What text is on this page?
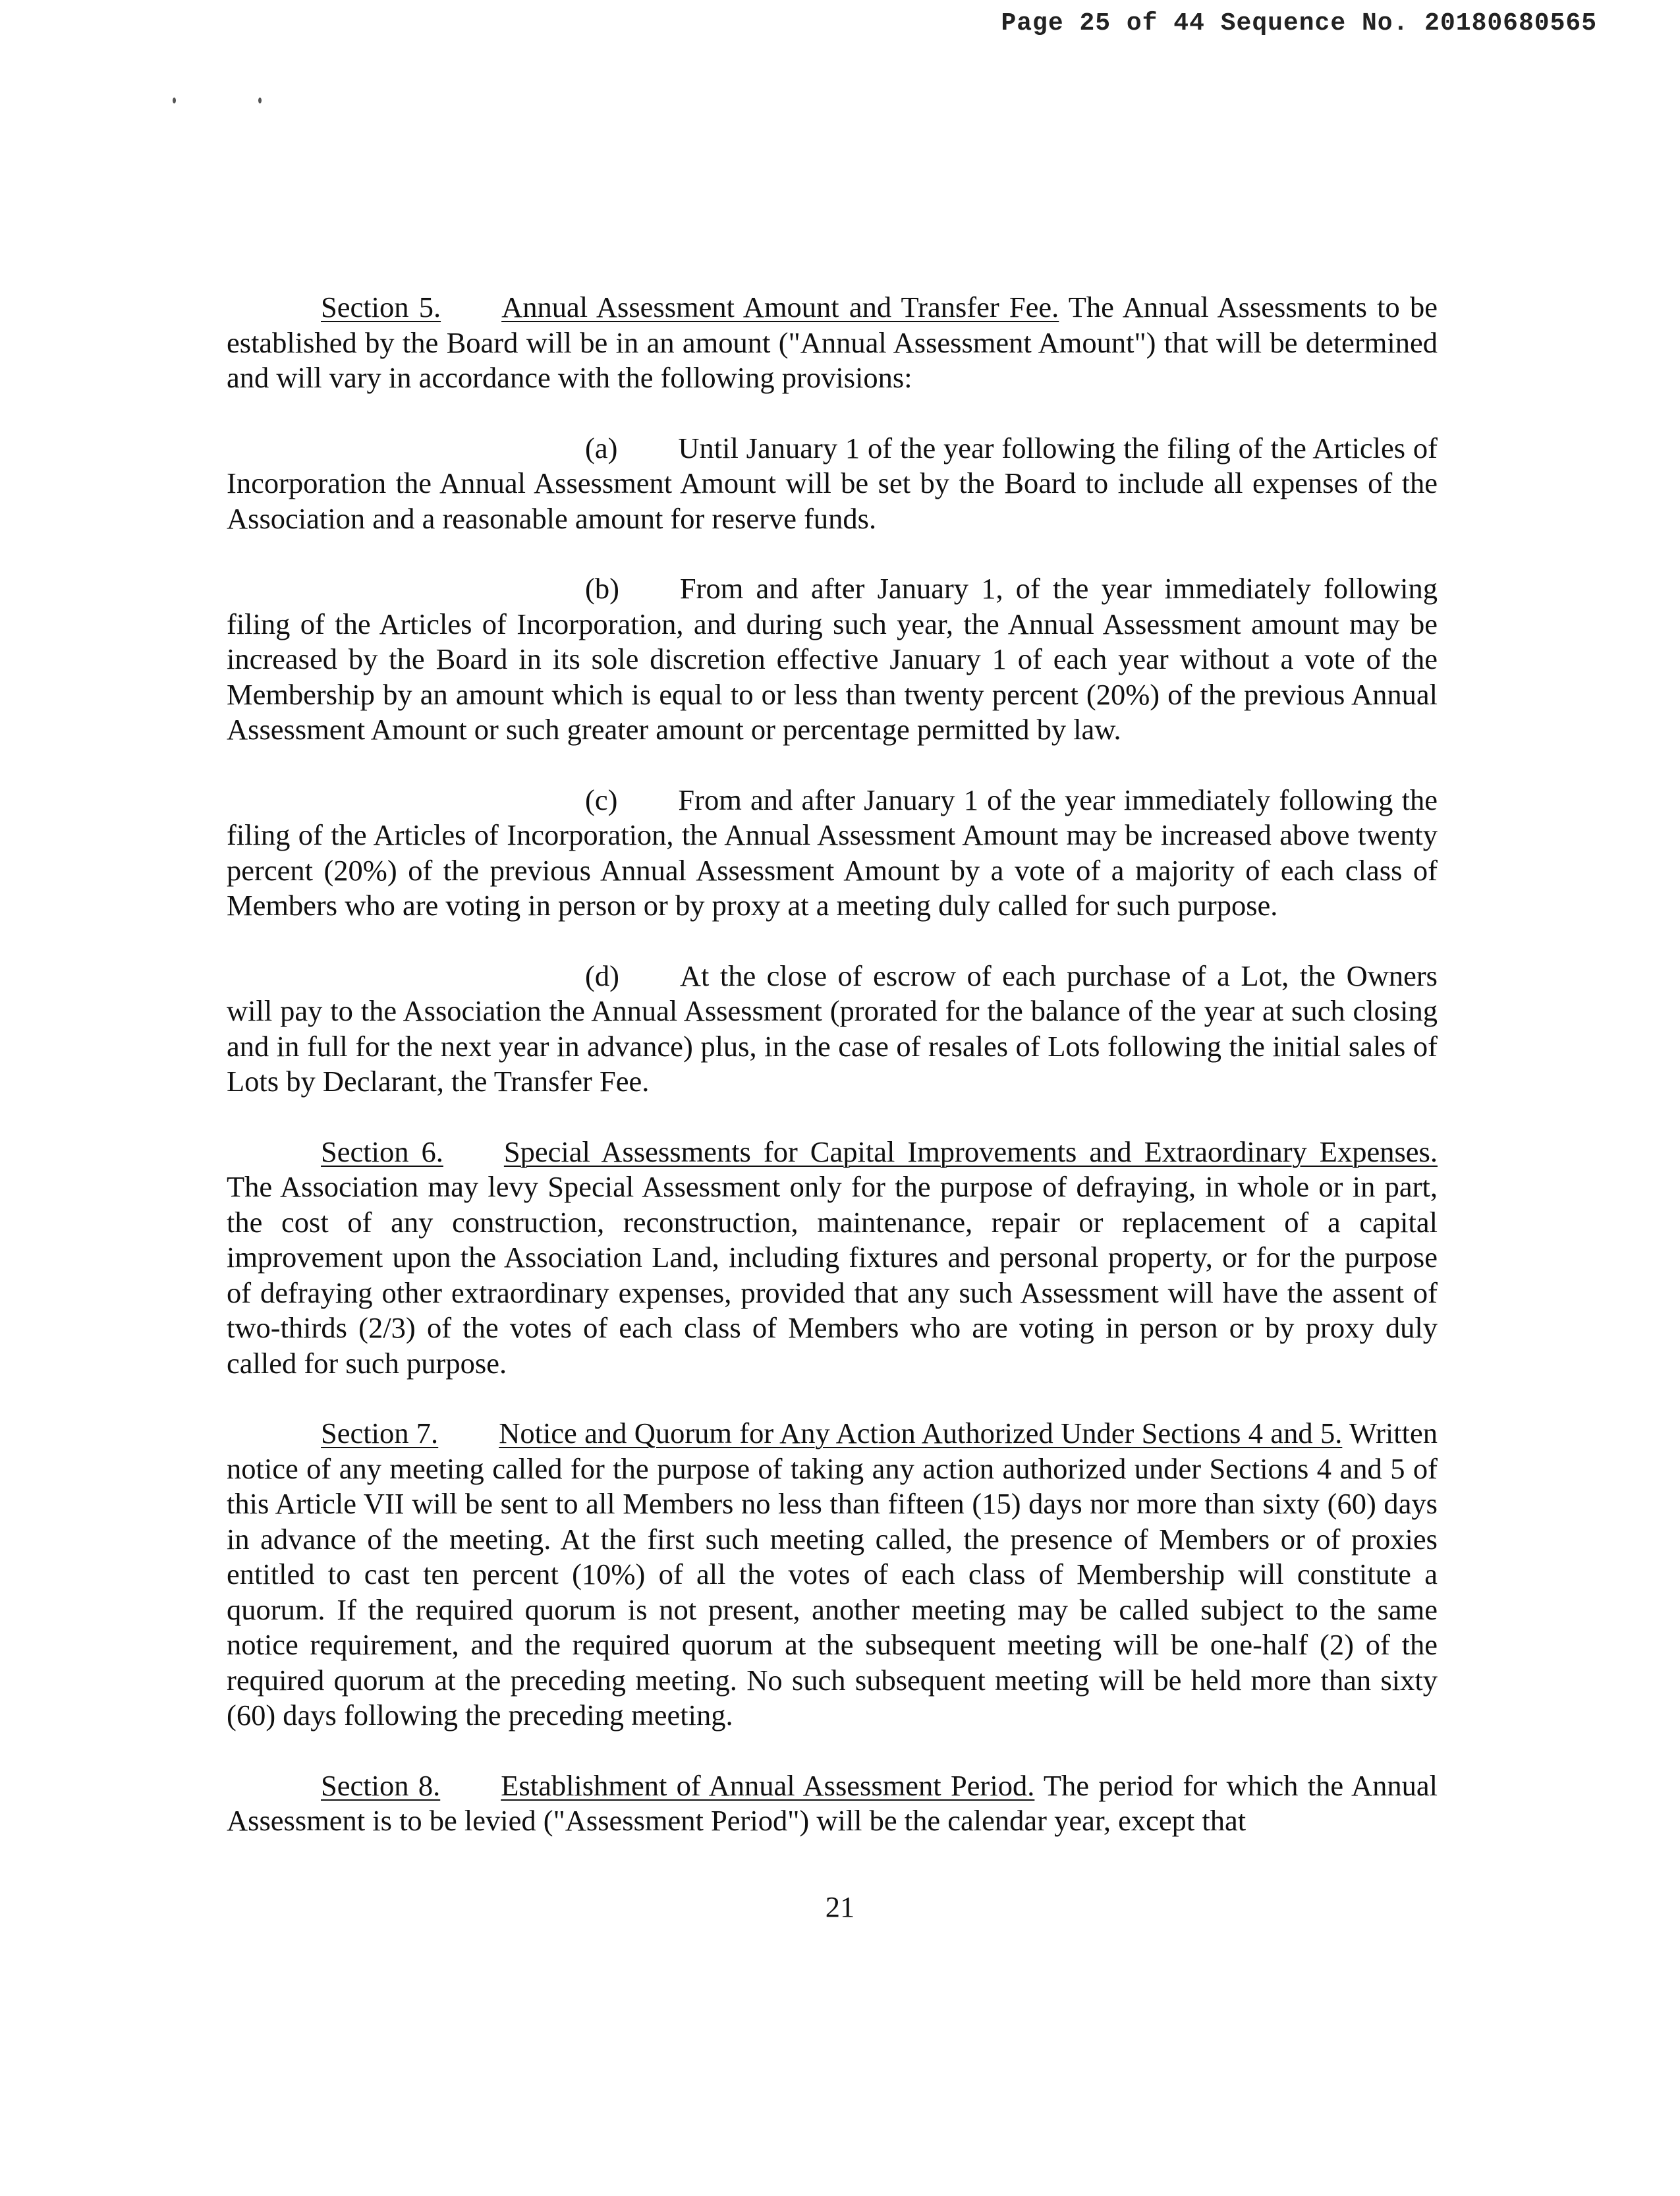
Page 25 of 44 Sequence No. 20180680565

Section 5. Annual Assessment Amount and Transfer Fee. The Annual Assessments to be established by the Board will be in an amount ("Annual Assessment Amount") that will be determined and will vary in accordance with the following provisions:

(a) Until January 1 of the year following the filing of the Articles of Incorporation the Annual Assessment Amount will be set by the Board to include all expenses of the Association and a reasonable amount for reserve funds.

(b) From and after January 1, of the year immediately following filing of the Articles of Incorporation, and during such year, the Annual Assessment amount may be increased by the Board in its sole discretion effective January 1 of each year without a vote of the Membership by an amount which is equal to or less than twenty percent (20%) of the previous Annual Assessment Amount or such greater amount or percentage permitted by law.

(c) From and after January 1 of the year immediately following the filing of the Articles of Incorporation, the Annual Assessment Amount may be increased above twenty percent (20%) of the previous Annual Assessment Amount by a vote of a majority of each class of Members who are voting in person or by proxy at a meeting duly called for such purpose.

(d) At the close of escrow of each purchase of a Lot, the Owners will pay to the Association the Annual Assessment (prorated for the balance of the year at such closing and in full for the next year in advance) plus, in the case of resales of Lots following the initial sales of Lots by Declarant, the Transfer Fee.

Section 6. Special Assessments for Capital Improvements and Extraordinary Expenses. The Association may levy Special Assessment only for the purpose of defraying, in whole or in part, the cost of any construction, reconstruction, maintenance, repair or replacement of a capital improvement upon the Association Land, including fixtures and personal property, or for the purpose of defraying other extraordinary expenses, provided that any such Assessment will have the assent of two-thirds (2/3) of the votes of each class of Members who are voting in person or by proxy duly called for such purpose.

Section 7. Notice and Quorum for Any Action Authorized Under Sections 4 and 5. Written notice of any meeting called for the purpose of taking any action authorized under Sections 4 and 5 of this Article VII will be sent to all Members no less than fifteen (15) days nor more than sixty (60) days in advance of the meeting. At the first such meeting called, the presence of Members or of proxies entitled to cast ten percent (10%) of all the votes of each class of Membership will constitute a quorum. If the required quorum is not present, another meeting may be called subject to the same notice requirement, and the required quorum at the subsequent meeting will be one-half (2) of the required quorum at the preceding meeting. No such subsequent meeting will be held more than sixty (60) days following the preceding meeting.

Section 8. Establishment of Annual Assessment Period. The period for which the Annual Assessment is to be levied ("Assessment Period") will be the calendar year, except that

21
